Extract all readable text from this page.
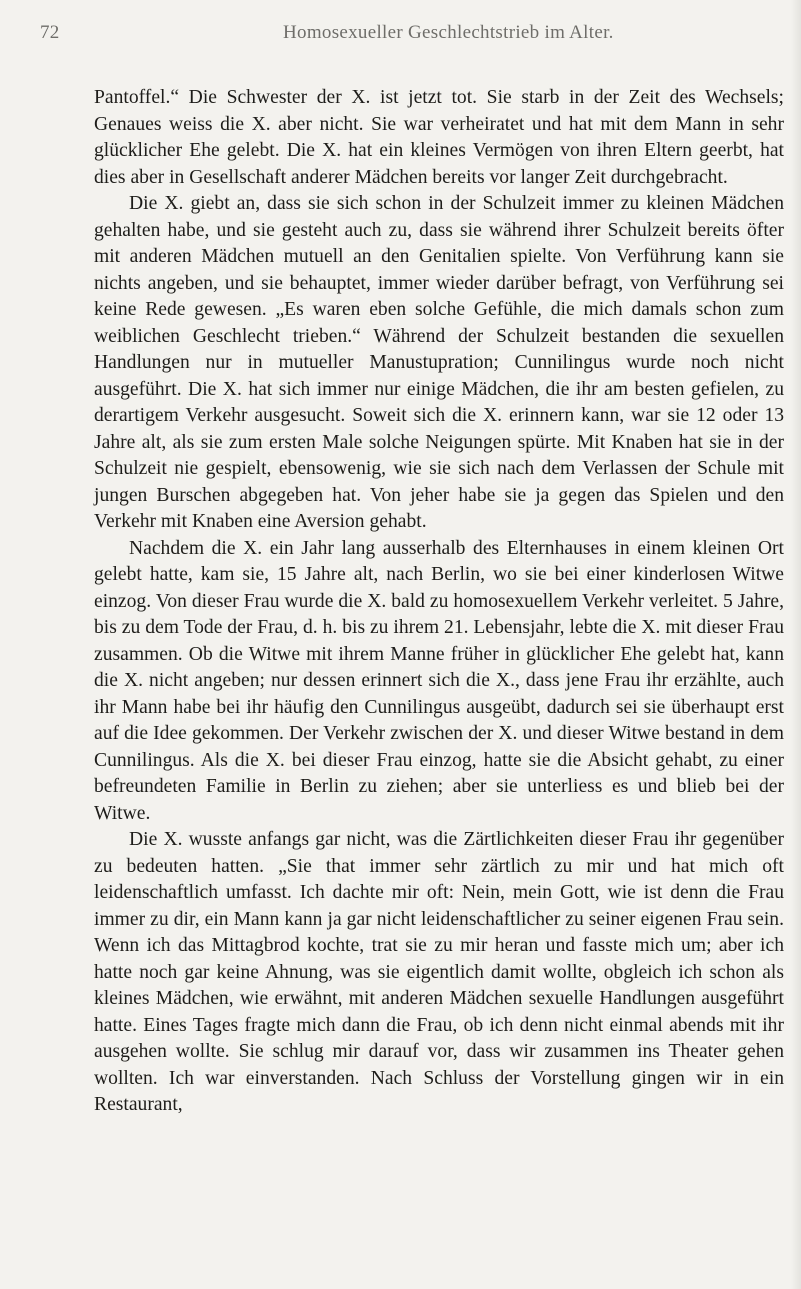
72	Homosexueller Geschlechtstrieb im Alter.

Pantoffel.“ Die Schwester der X. ist jetzt tot. Sie starb in der Zeit des Wechsels; Genaues weiss die X. aber nicht. Sie war verheiratet und hat mit dem Mann in sehr glücklicher Ehe gelebt. Die X. hat ein kleines Vermögen von ihren Eltern geerbt, hat dies aber in Gesellschaft anderer Mädchen bereits vor langer Zeit durchgebracht.

Die X. giebt an, dass sie sich schon in der Schulzeit immer zu kleinen Mädchen gehalten habe, und sie gesteht auch zu, dass sie während ihrer Schulzeit bereits öfter mit anderen Mädchen mutuell an den Genitalien spielte. Von Verführung kann sie nichts angeben, und sie behauptet, immer wieder darüber befragt, von Verführung sei keine Rede gewesen. „Es waren eben solche Gefühle, die mich damals schon zum weiblichen Geschlecht trieben.“ Während der Schulzeit bestanden die sexuellen Handlungen nur in mutueller Manustupration; Cunnilingus wurde noch nicht ausgeführt. Die X. hat sich immer nur einige Mädchen, die ihr am besten gefielen, zu derartigem Verkehr ausgesucht. Soweit sich die X. erinnern kann, war sie 12 oder 13 Jahre alt, als sie zum ersten Male solche Neigungen spürte. Mit Knaben hat sie in der Schulzeit nie gespielt, ebensowenig, wie sie sich nach dem Verlassen der Schule mit jungen Burschen abgegeben hat. Von jeher habe sie ja gegen das Spielen und den Verkehr mit Knaben eine Aversion gehabt.

Nachdem die X. ein Jahr lang ausserhalb des Elternhauses in einem kleinen Ort gelebt hatte, kam sie, 15 Jahre alt, nach Berlin, wo sie bei einer kinderlosen Witwe einzog. Von dieser Frau wurde die X. bald zu homosexuellem Verkehr verleitet. 5 Jahre, bis zu dem Tode der Frau, d. h. bis zu ihrem 21. Lebensjahr, lebte die X. mit dieser Frau zusammen. Ob die Witwe mit ihrem Manne früher in glücklicher Ehe gelebt hat, kann die X. nicht angeben; nur dessen erinnert sich die X., dass jene Frau ihr erzählte, auch ihr Mann habe bei ihr häufig den Cunnilingus ausgeübt, dadurch sei sie überhaupt erst auf die Idee gekommen. Der Verkehr zwischen der X. und dieser Witwe bestand in dem Cunnilingus. Als die X. bei dieser Frau einzog, hatte sie die Absicht gehabt, zu einer befreundeten Familie in Berlin zu ziehen; aber sie unterliess es und blieb bei der Witwe.

Die X. wusste anfangs gar nicht, was die Zärtlichkeiten dieser Frau ihr gegenüber zu bedeuten hatten. „Sie that immer sehr zärtlich zu mir und hat mich oft leidenschaftlich umfasst. Ich dachte mir oft: Nein, mein Gott, wie ist denn die Frau immer zu dir, ein Mann kann ja gar nicht leidenschaftlicher zu seiner eigenen Frau sein. Wenn ich das Mittagbrod kochte, trat sie zu mir heran und fasste mich um; aber ich hatte noch gar keine Ahnung, was sie eigentlich damit wollte, obgleich ich schon als kleines Mädchen, wie erwähnt, mit anderen Mädchen sexuelle Handlungen ausgeführt hatte. Eines Tages fragte mich dann die Frau, ob ich denn nicht einmal abends mit ihr ausgehen wollte. Sie schlug mir darauf vor, dass wir zusammen ins Theater gehen wollten. Ich war einverstanden. Nach Schluss der Vorstellung gingen wir in ein Restaurant,
